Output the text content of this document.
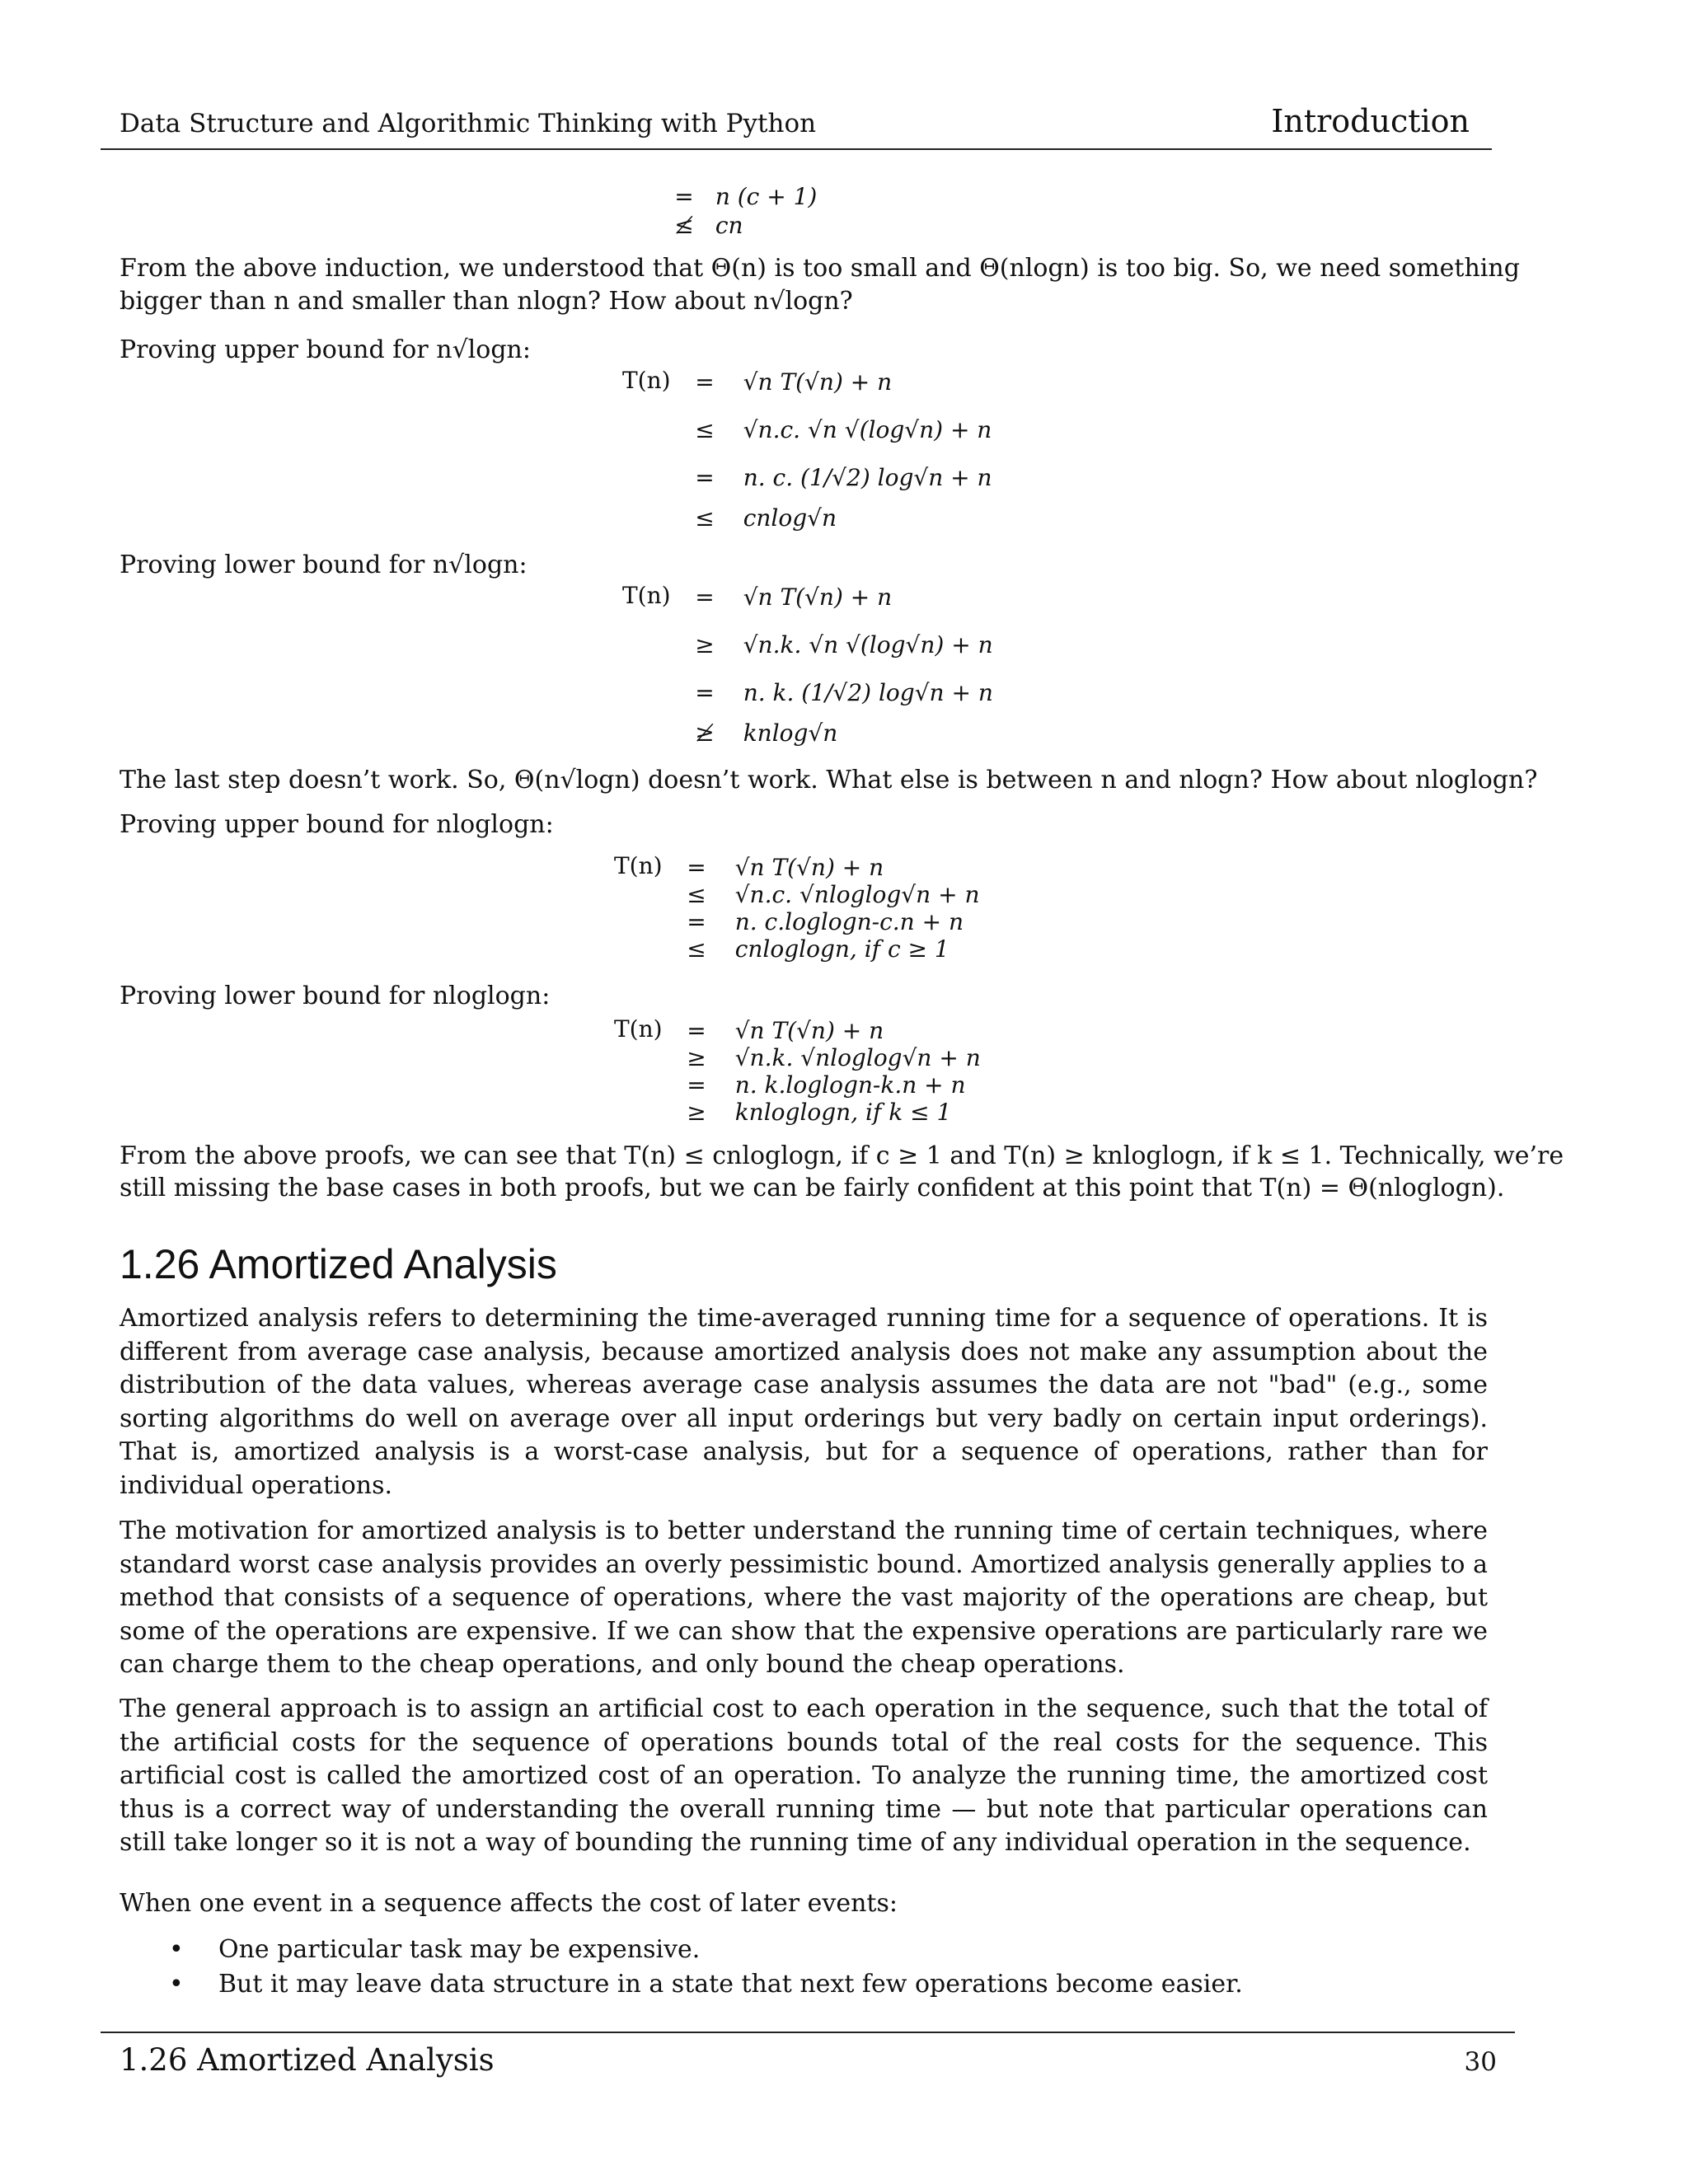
Data Structure and Algorithmic Thinking with Python	Introduction
= n (c + 1)
≰ cn
From the above induction, we understood that Θ(n) is too small and Θ(nlogn) is too big. So, we need something
bigger than n and smaller than nlogn? How about n√logn?
Proving upper bound for n√logn:
T(n) = √n T(√n) + n
≤ √n.c. √n √(log√n) + n
= n. c. (1/√2) log√n + n
≤ cnlog√n
Proving lower bound for n√logn:
T(n) = √n T(√n) + n
≥ √n.k. √n √(log√n) + n
= n. k. (1/√2) log√n + n
≱ knlog√n
The last step doesn’t work. So, Θ(n√logn) doesn’t work. What else is between n and nlogn? How about nloglogn?
Proving upper bound for nloglogn:
T(n) = √n T(√n) + n
≤ √n.c. √nloglog√n + n
= n. c.loglogn-c.n + n
≤ cnloglogn, if c ≥ 1
Proving lower bound for nloglogn:
T(n) = √n T(√n) + n
≥ √n.k. √nloglog√n + n
= n. k.loglogn-k.n + n
≥ knloglogn, if k ≤ 1
From the above proofs, we can see that T(n) ≤ cnloglogn, if c ≥ 1 and T(n) ≥ knloglogn, if k ≤ 1. Technically, we’re
still missing the base cases in both proofs, but we can be fairly confident at this point that T(n) = Θ(nloglogn).
1.26 Amortized Analysis
Amortized analysis refers to determining the time-averaged running time for a sequence of operations. It is different from average case analysis, because amortized analysis does not make any assumption about the distribution of the data values, whereas average case analysis assumes the data are not "bad" (e.g., some sorting algorithms do well on average over all input orderings but very badly on certain input orderings). That is, amortized analysis is a worst-case analysis, but for a sequence of operations, rather than for individual operations.
The motivation for amortized analysis is to better understand the running time of certain techniques, where standard worst case analysis provides an overly pessimistic bound. Amortized analysis generally applies to a method that consists of a sequence of operations, where the vast majority of the operations are cheap, but some of the operations are expensive. If we can show that the expensive operations are particularly rare we can charge them to the cheap operations, and only bound the cheap operations.
The general approach is to assign an artificial cost to each operation in the sequence, such that the total of the artificial costs for the sequence of operations bounds total of the real costs for the sequence. This artificial cost is called the amortized cost of an operation. To analyze the running time, the amortized cost thus is a correct way of understanding the overall running time — but note that particular operations can still take longer so it is not a way of bounding the running time of any individual operation in the sequence.
When one event in a sequence affects the cost of later events:
• One particular task may be expensive.
• But it may leave data structure in a state that next few operations become easier.
1.26 Amortized Analysis	30
